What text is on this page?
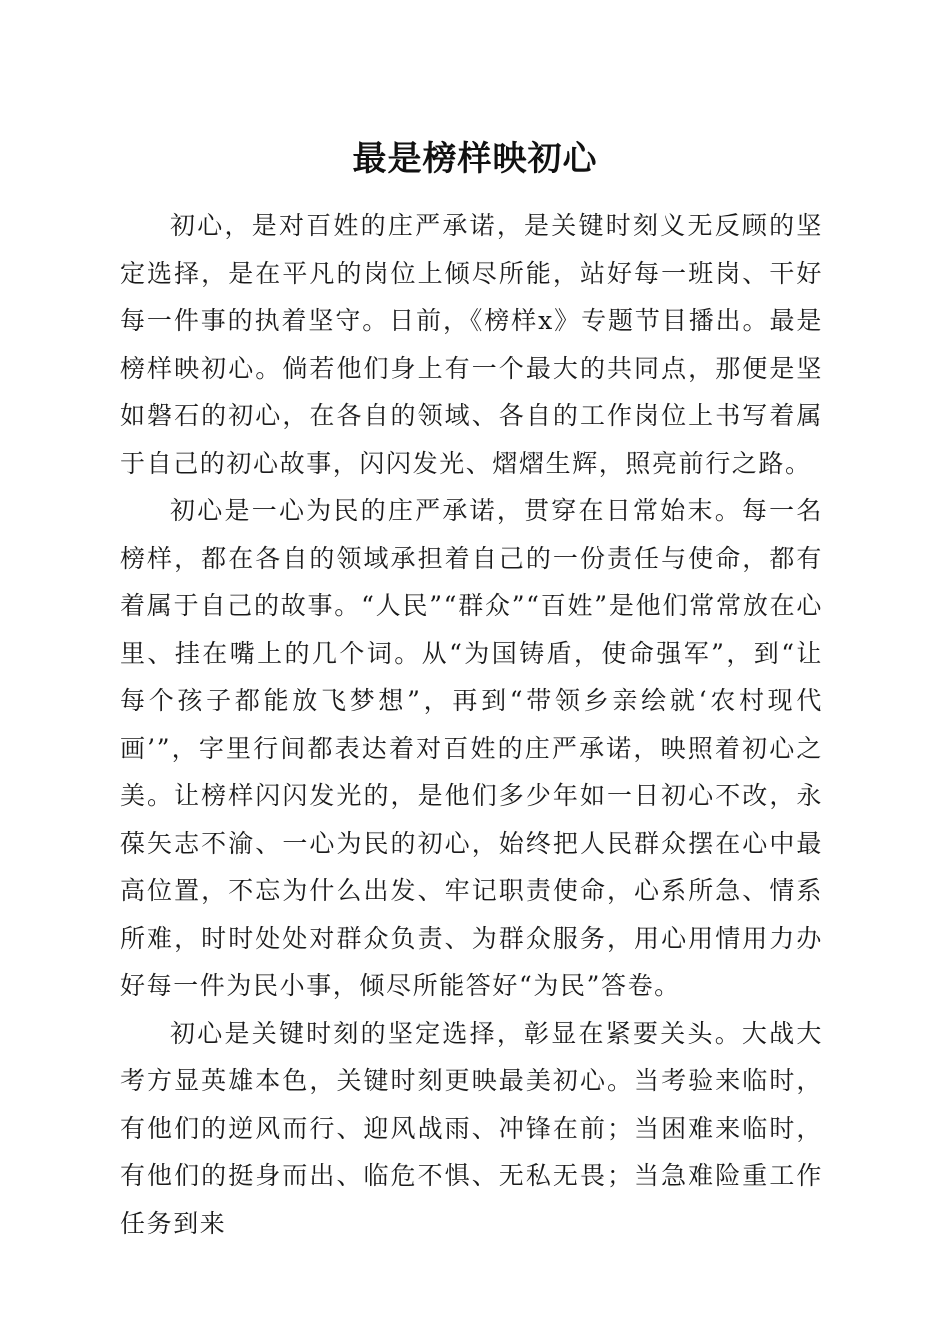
最是榜样映初心

初心，是对百姓的庄严承诺，是关键时刻义无反顾的坚定选择，是在平凡的岗位上倾尽所能，站好每一班岗、干好每一件事的执着坚守。日前，《榜样x》专题节目播出。最是榜样映初心。倘若他们身上有一个最大的共同点，那便是坚如磐石的初心，在各自的领域、各自的工作岗位上书写着属于自己的初心故事，闪闪发光、熠熠生辉，照亮前行之路。

初心是一心为民的庄严承诺，贯穿在日常始末。每一名榜样，都在各自的领域承担着自己的一份责任与使命，都有着属于自己的故事。“人民”“群众”“百姓”是他们常常放在心里、挂在嘴上的几个词。从“为国铸盾，使命强军”，到“让每个孩子都能放飞梦想”，再到“带领乡亲绘就‘农村现代画’”，字里行间都表达着对百姓的庄严承诺，映照着初心之美。让榜样闪闪发光的，是他们多少年如一日初心不改，永葆矢志不渝、一心为民的初心，始终把人民群众摆在心中最高位置，不忘为什么出发、牢记职责使命，心系所急、情系所难，时时处处对群众负责、为群众服务，用心用情用力办好每一件为民小事，倾尽所能答好“为民”答卷。

初心是关键时刻的坚定选择，彰显在紧要关头。大战大考方显英雄本色，关键时刻更映最美初心。当考验来临时，有他们的逆风而行、迎风战雨、冲锋在前；当困难来临时，有他们的挺身而出、临危不惧、无私无畏；当急难险重工作任务到来
